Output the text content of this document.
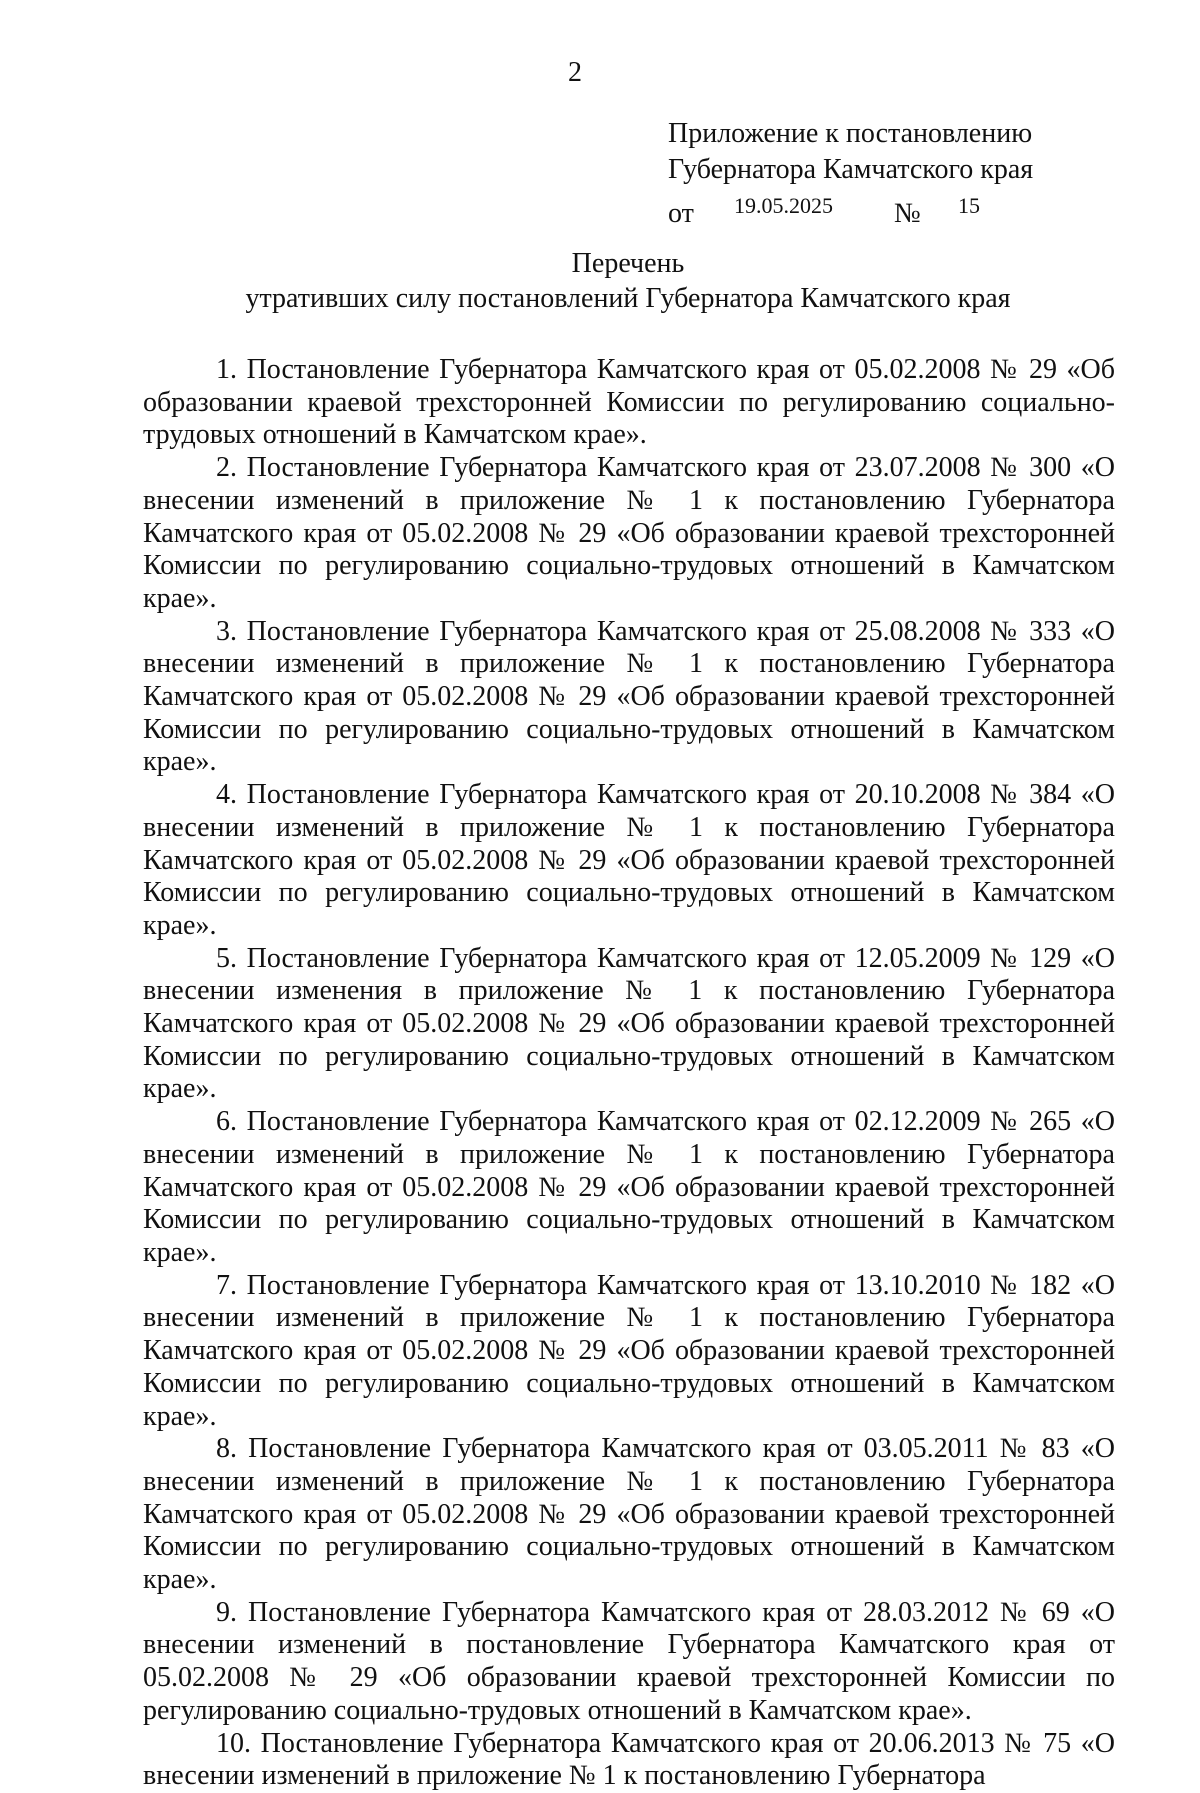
2
Приложение к постановлению
Губернатора Камчатского края
от 19.05.2025 № 15
Перечень
утративших силу постановлений Губернатора Камчатского края

1. Постановление Губернатора Камчатского края от 05.02.2008 № 29 «Об образовании краевой трехсторонней Комиссии по регулированию социально-трудовых отношений в Камчатском крае».

2. Постановление Губернатора Камчатского края от 23.07.2008 № 300 «О внесении изменений в приложение № 1 к постановлению Губернатора Камчатского края от 05.02.2008 № 29 «Об образовании краевой трехсторонней Комиссии по регулированию социально-трудовых отношений в Камчатском крае».

3. Постановление Губернатора Камчатского края от 25.08.2008 № 333 «О внесении изменений в приложение № 1 к постановлению Губернатора Камчатского края от 05.02.2008 № 29 «Об образовании краевой трехсторонней Комиссии по регулированию социально-трудовых отношений в Камчатском крае».

4. Постановление Губернатора Камчатского края от 20.10.2008 № 384 «О внесении изменений в приложение № 1 к постановлению Губернатора Камчатского края от 05.02.2008 № 29 «Об образовании краевой трехсторонней Комиссии по регулированию социально-трудовых отношений в Камчатском крае».

5. Постановление Губернатора Камчатского края от 12.05.2009 № 129 «О внесении изменения в приложение № 1 к постановлению Губернатора Камчатского края от 05.02.2008 № 29 «Об образовании краевой трехсторонней Комиссии по регулированию социально-трудовых отношений в Камчатском крае».

6. Постановление Губернатора Камчатского края от 02.12.2009 № 265 «О внесении изменений в приложение № 1 к постановлению Губернатора Камчатского края от 05.02.2008 № 29 «Об образовании краевой трехсторонней Комиссии по регулированию социально-трудовых отношений в Камчатском крае».

7. Постановление Губернатора Камчатского края от 13.10.2010 № 182 «О внесении изменений в приложение № 1 к постановлению Губернатора Камчатского края от 05.02.2008 № 29 «Об образовании краевой трехсторонней Комиссии по регулированию социально-трудовых отношений в Камчатском крае».

8. Постановление Губернатора Камчатского края от 03.05.2011 № 83 «О внесении изменений в приложение № 1 к постановлению Губернатора Камчатского края от 05.02.2008 № 29 «Об образовании краевой трехсторонней Комиссии по регулированию социально-трудовых отношений в Камчатском крае».

9. Постановление Губернатора Камчатского края от 28.03.2012 № 69 «О внесении изменений в постановление Губернатора Камчатского края от 05.02.2008 № 29 «Об образовании краевой трехсторонней Комиссии по регулированию социально-трудовых отношений в Камчатском крае».

10. Постановление Губернатора Камчатского края от 20.06.2013 № 75 «О внесении изменений в приложение № 1 к постановлению Губернатора
